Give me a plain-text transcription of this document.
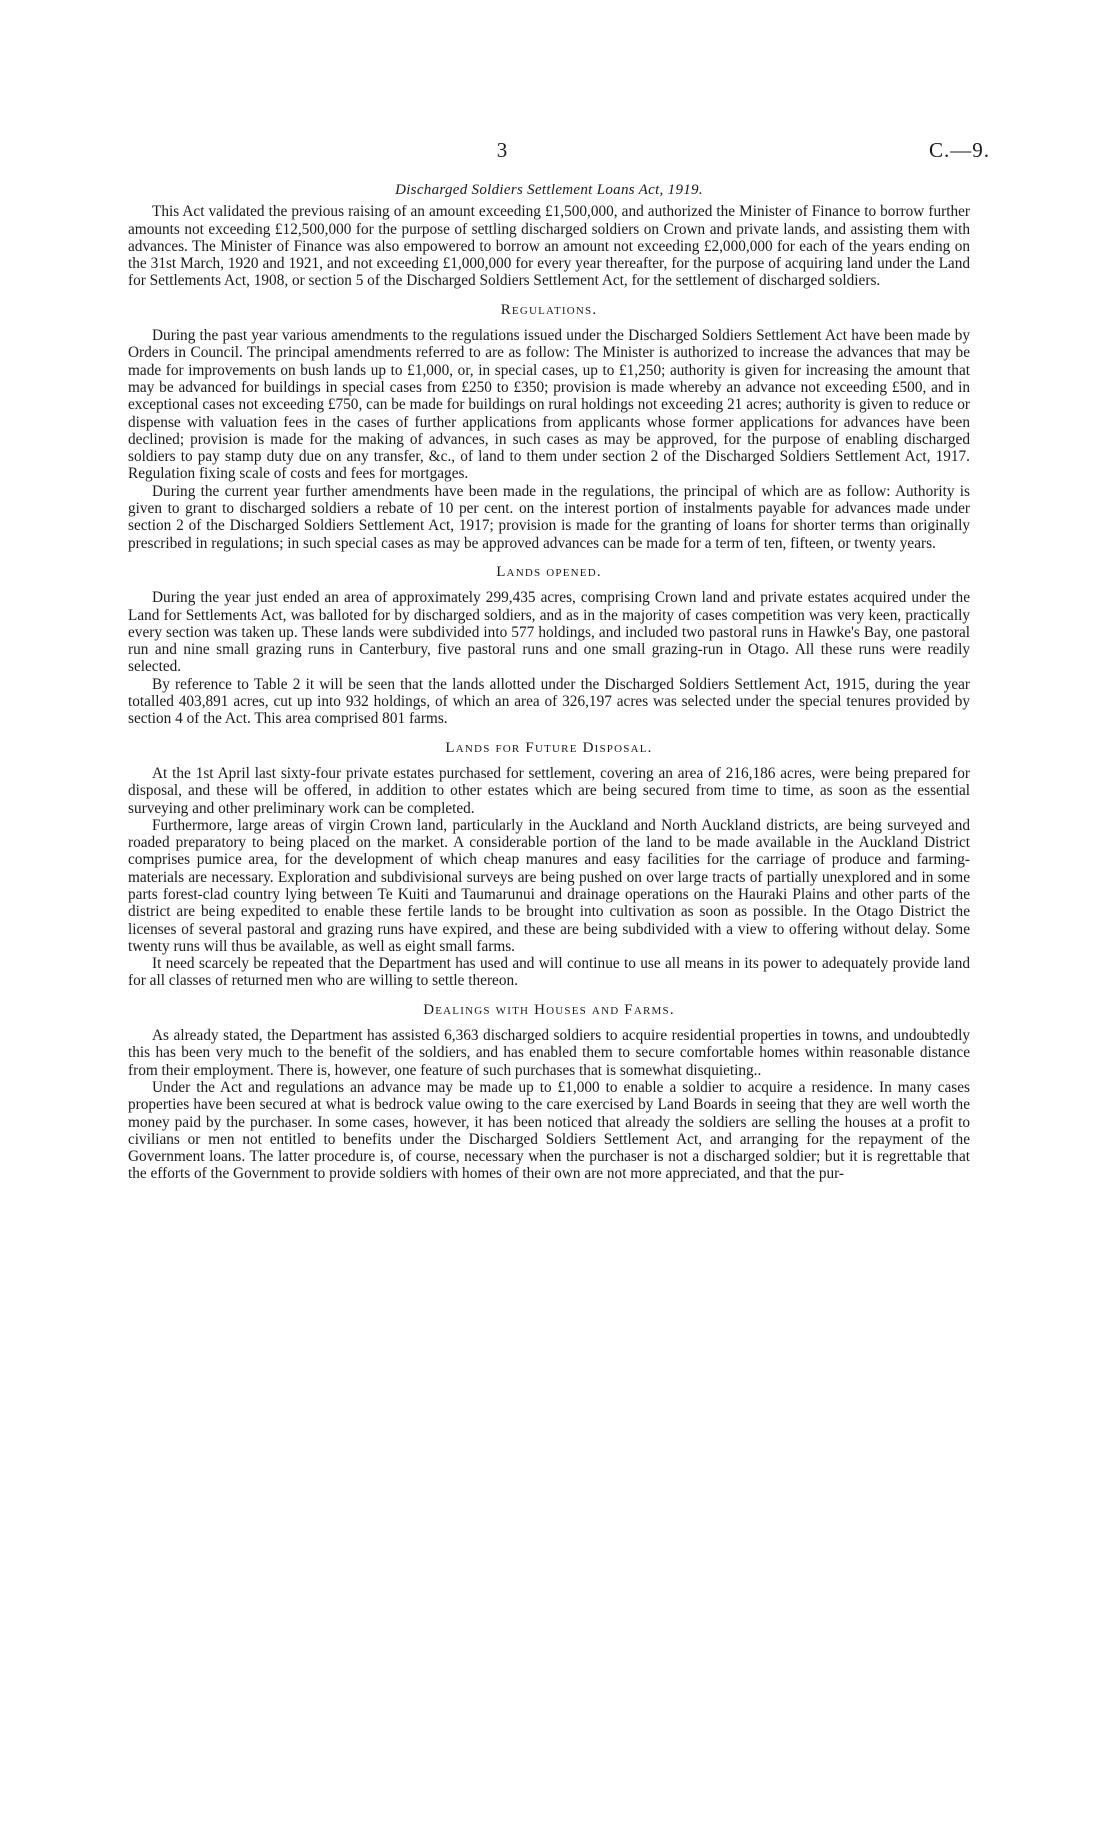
3	C.—9.
Discharged Soldiers Settlement Loans Act, 1919.

This Act validated the previous raising of an amount exceeding £1,500,000, and authorized the Minister of Finance to borrow further amounts not exceeding £12,500,000 for the purpose of settling discharged soldiers on Crown and private lands, and assisting them with advances. The Minister of Finance was also empowered to borrow an amount not exceeding £2,000,000 for each of the years ending on the 31st March, 1920 and 1921, and not exceeding £1,000,000 for every year thereafter, for the purpose of acquiring land under the Land for Settlements Act, 1908, or section 5 of the Discharged Soldiers Settlement Act, for the settlement of discharged soldiers.

Regulations.

During the past year various amendments to the regulations issued under the Discharged Soldiers Settlement Act have been made by Orders in Council. The principal amendments referred to are as follow: The Minister is authorized to increase the advances that may be made for improvements on bush lands up to £1,000, or, in special cases, up to £1,250; authority is given for increasing the amount that may be advanced for buildings in special cases from £250 to £350; provision is made whereby an advance not exceeding £500, and in exceptional cases not exceeding £750, can be made for buildings on rural holdings not exceeding 21 acres; authority is given to reduce or dispense with valuation fees in the cases of further applications from applicants whose former applications for advances have been declined; provision is made for the making of advances, in such cases as may be approved, for the purpose of enabling discharged soldiers to pay stamp duty due on any transfer, &c., of land to them under section 2 of the Discharged Soldiers Settlement Act, 1917. Regulation fixing scale of costs and fees for mortgages.

During the current year further amendments have been made in the regulations, the principal of which are as follow: Authority is given to grant to discharged soldiers a rebate of 10 per cent. on the interest portion of instalments payable for advances made under section 2 of the Discharged Soldiers Settlement Act, 1917; provision is made for the granting of loans for shorter terms than originally prescribed in regulations; in such special cases as may be approved advances can be made for a term of ten, fifteen, or twenty years.

Lands opened.

During the year just ended an area of approximately 299,435 acres, comprising Crown land and private estates acquired under the Land for Settlements Act, was balloted for by discharged soldiers, and as in the majority of cases competition was very keen, practically every section was taken up. These lands were subdivided into 577 holdings, and included two pastoral runs in Hawke's Bay, one pastoral run and nine small grazing runs in Canterbury, five pastoral runs and one small grazing-run in Otago. All these runs were readily selected.

By reference to Table 2 it will be seen that the lands allotted under the Discharged Soldiers Settlement Act, 1915, during the year totalled 403,891 acres, cut up into 932 holdings, of which an area of 326,197 acres was selected under the special tenures provided by section 4 of the Act. This area comprised 801 farms.

Lands for Future Disposal.

At the 1st April last sixty-four private estates purchased for settlement, covering an area of 216,186 acres, were being prepared for disposal, and these will be offered, in addition to other estates which are being secured from time to time, as soon as the essential surveying and other preliminary work can be completed.

Furthermore, large areas of virgin Crown land, particularly in the Auckland and North Auckland districts, are being surveyed and roaded preparatory to being placed on the market. A considerable portion of the land to be made available in the Auckland District comprises pumice area, for the development of which cheap manures and easy facilities for the carriage of produce and farming-materials are necessary. Exploration and subdivisional surveys are being pushed on over large tracts of partially unexplored and in some parts forest-clad country lying between Te Kuiti and Taumarunui and drainage operations on the Hauraki Plains and other parts of the district are being expedited to enable these fertile lands to be brought into cultivation as soon as possible. In the Otago District the licenses of several pastoral and grazing runs have expired, and these are being subdivided with a view to offering without delay. Some twenty runs will thus be available, as well as eight small farms.

It need scarcely be repeated that the Department has used and will continue to use all means in its power to adequately provide land for all classes of returned men who are willing to settle thereon.

Dealings with Houses and Farms.

As already stated, the Department has assisted 6,363 discharged soldiers to acquire residential properties in towns, and undoubtedly this has been very much to the benefit of the soldiers, and has enabled them to secure comfortable homes within reasonable distance from their employment. There is, however, one feature of such purchases that is somewhat disquieting..

Under the Act and regulations an advance may be made up to £1,000 to enable a soldier to acquire a residence. In many cases properties have been secured at what is bedrock value owing to the care exercised by Land Boards in seeing that they are well worth the money paid by the purchaser. In some cases, however, it has been noticed that already the soldiers are selling the houses at a profit to civilians or men not entitled to benefits under the Discharged Soldiers Settlement Act, and arranging for the repayment of the Government loans. The latter procedure is, of course, necessary when the purchaser is not a discharged soldier; but it is regrettable that the efforts of the Government to provide soldiers with homes of their own are not more appreciated, and that the pur-
